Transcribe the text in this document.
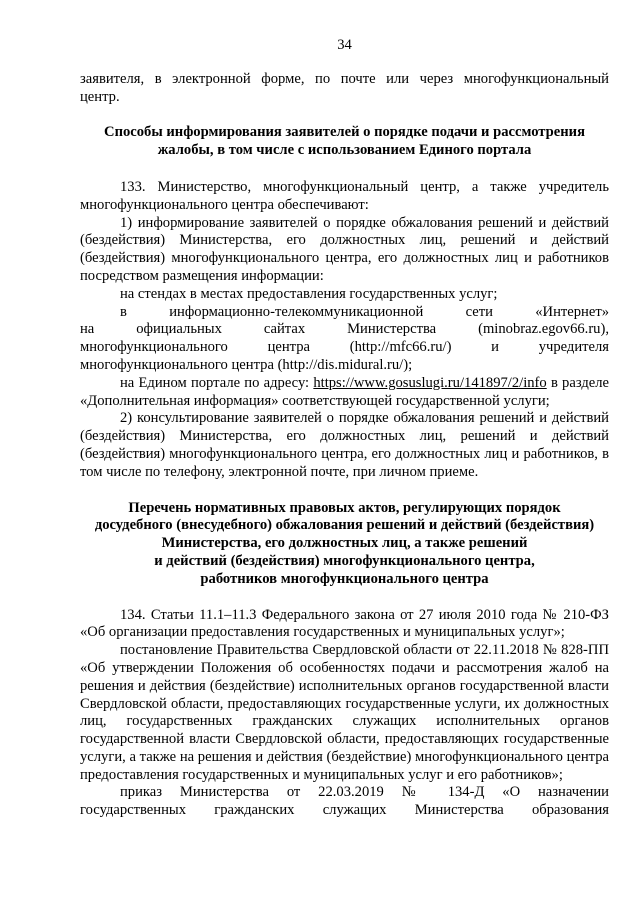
34
заявителя, в электронной форме, по почте или через многофункциональный
центр.
Способы информирования заявителей о порядке подачи и рассмотрения
жалобы, в том числе с использованием Единого портала

133. Министерство, многофункциональный центр, а также учредитель многофункционального центра обеспечивают:

1) информирование заявителей о порядке обжалования решений и действий (бездействия) Министерства, его должностных лиц, решений и действий (бездействия) многофункционального центра, его должностных лиц и работников посредством размещения информации:

на стендах в местах предоставления государственных услуг;

в информационно-телекоммуникационной сети «Интернет»
на официальных сайтах Министерства (minobraz.egov66.ru),
многофункционального центра (http://mfc66.ru/) и учредителя
многофункционального центра (http://dis.midural.ru/);

на Едином портале по адресу: https://www.gosuslugi.ru/141897/2/info в разделе «Дополнительная информация» соответствующей государственной услуги;

2) консультирование заявителей о порядке обжалования решений и действий (бездействия) Министерства, его должностных лиц, решений и действий (бездействия) многофункционального центра, его должностных лиц и работников, в том числе по телефону, электронной почте, при личном приеме.

Перечень нормативных правовых актов, регулирующих порядок
досудебного (внесудебного) обжалования решений и действий (бездействия)
Министерства, его должностных лиц, а также решений
и действий (бездействия) многофункционального центра,
работников многофункционального центра

134. Статьи 11.1–11.3 Федерального закона от 27 июля 2010 года № 210-ФЗ «Об организации предоставления государственных и муниципальных услуг»;

постановление Правительства Свердловской области от 22.11.2018 № 828-ПП «Об утверждении Положения об особенностях подачи и рассмотрения жалоб на решения и действия (бездействие) исполнительных органов государственной власти Свердловской области, предоставляющих государственные услуги, их должностных лиц, государственных гражданских служащих исполнительных органов государственной власти Свердловской области, предоставляющих государственные услуги, а также на решения и действия (бездействие) многофункционального центра предоставления государственных и муниципальных услуг и его работников»;

приказ Министерства от 22.03.2019 № 134-Д «О назначении
государственных гражданских служащих Министерства образования
